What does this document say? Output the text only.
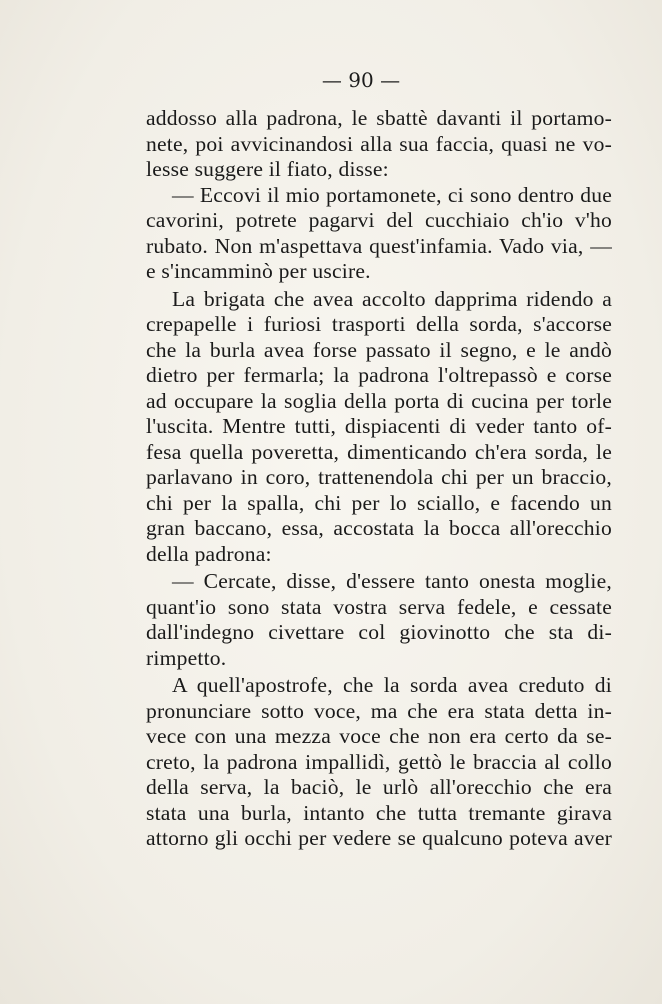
— 90 —
addosso alla padrona, le sbattè davanti il portamo-
nete, poi avvicinandosi alla sua faccia, quasi ne vo-
lesse suggere il fiato, disse:
— Eccovi il mio portamonete, ci sono dentro due
cavorini, potrete pagarvi del cucchiaio ch'io v'ho
rubato. Non m'aspettava quest'infamia. Vado via, —
e s'incamminò per uscire.
La brigata che avea accolto dapprima ridendo a
crepapelle i furiosi trasporti della sorda, s'accorse
che la burla avea forse passato il segno, e le andò
dietro per fermarla; la padrona l'oltrepassò e corse
ad occupare la soglia della porta di cucina per torle
l'uscita. Mentre tutti, dispiacenti di veder tanto of-
fesa quella poveretta, dimenticando ch'era sorda, le
parlavano in coro, trattenendola chi per un braccio,
chi per la spalla, chi per lo sciallo, e facendo un
gran baccano, essa, accostata la bocca all'orecchio
della padrona:
— Cercate, disse, d'essere tanto onesta moglie,
quant'io sono stata vostra serva fedele, e cessate
dall'indegno civettare col giovinotto che sta di-
rimpetto.
A quell'apostrofe, che la sorda avea creduto di
pronunciare sotto voce, ma che era stata detta in-
vece con una mezza voce che non era certo da se-
creto, la padrona impallidì, gettò le braccia al collo
della serva, la baciò, le urlò all'orecchio che era
stata una burla, intanto che tutta tremante girava
attorno gli occhi per vedere se qualcuno poteva aver
